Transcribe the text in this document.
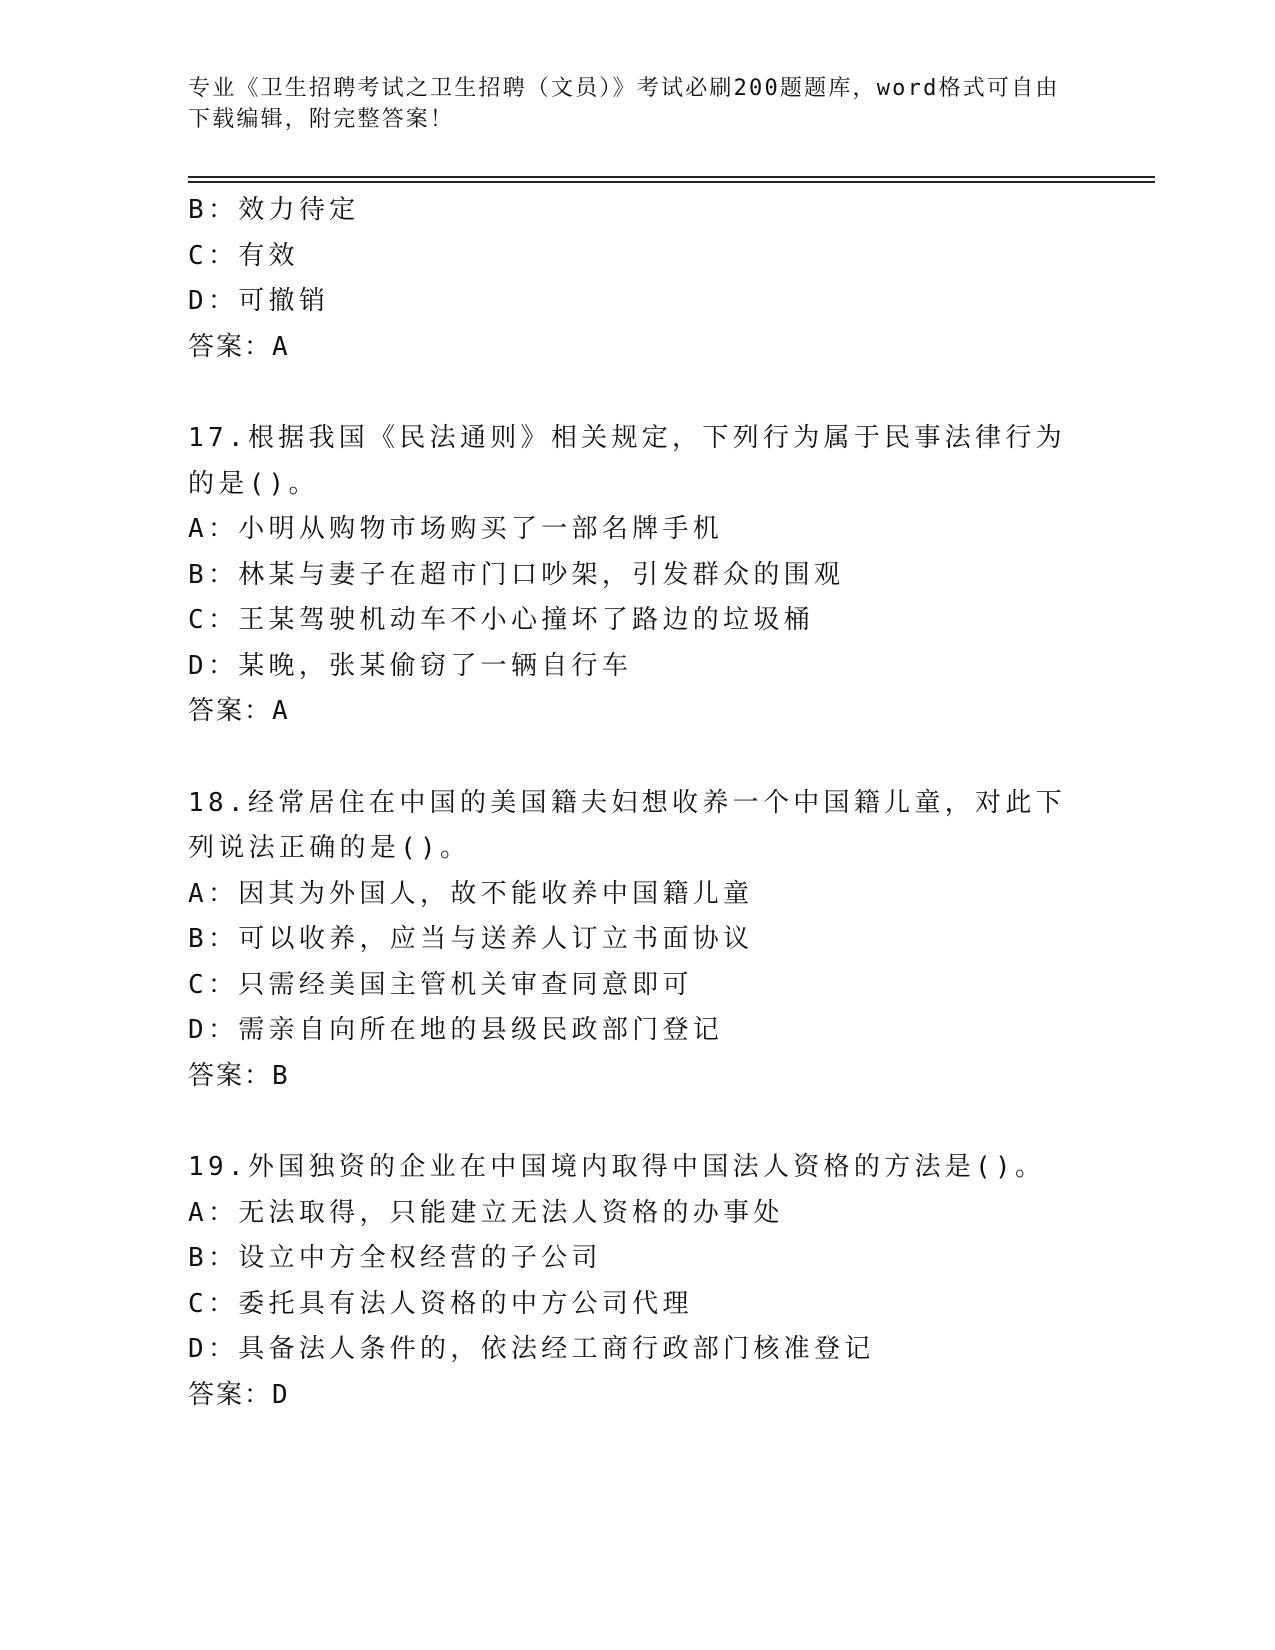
专业《卫生招聘考试之卫生招聘（文员）》考试必刷200题题库，word格式可自由下载编辑，附完整答案！
B：效力待定
C：有效
D：可撤销
答案：A
17.根据我国《民法通则》相关规定，下列行为属于民事法律行为的是()。
A：小明从购物市场购买了一部名牌手机
B：林某与妻子在超市门口吵架，引发群众的围观
C：王某驾驶机动车不小心撞坏了路边的垃圾桶
D：某晚，张某偷窃了一辆自行车
答案：A
18.经常居住在中国的美国籍夫妇想收养一个中国籍儿童，对此下列说法正确的是()。
A：因其为外国人，故不能收养中国籍儿童
B：可以收养，应当与送养人订立书面协议
C：只需经美国主管机关审查同意即可
D：需亲自向所在地的县级民政部门登记
答案：B
19.外国独资的企业在中国境内取得中国法人资格的方法是()。
A：无法取得，只能建立无法人资格的办事处
B：设立中方全权经营的子公司
C：委托具有法人资格的中方公司代理
D：具备法人条件的，依法经工商行政部门核准登记
答案：D
